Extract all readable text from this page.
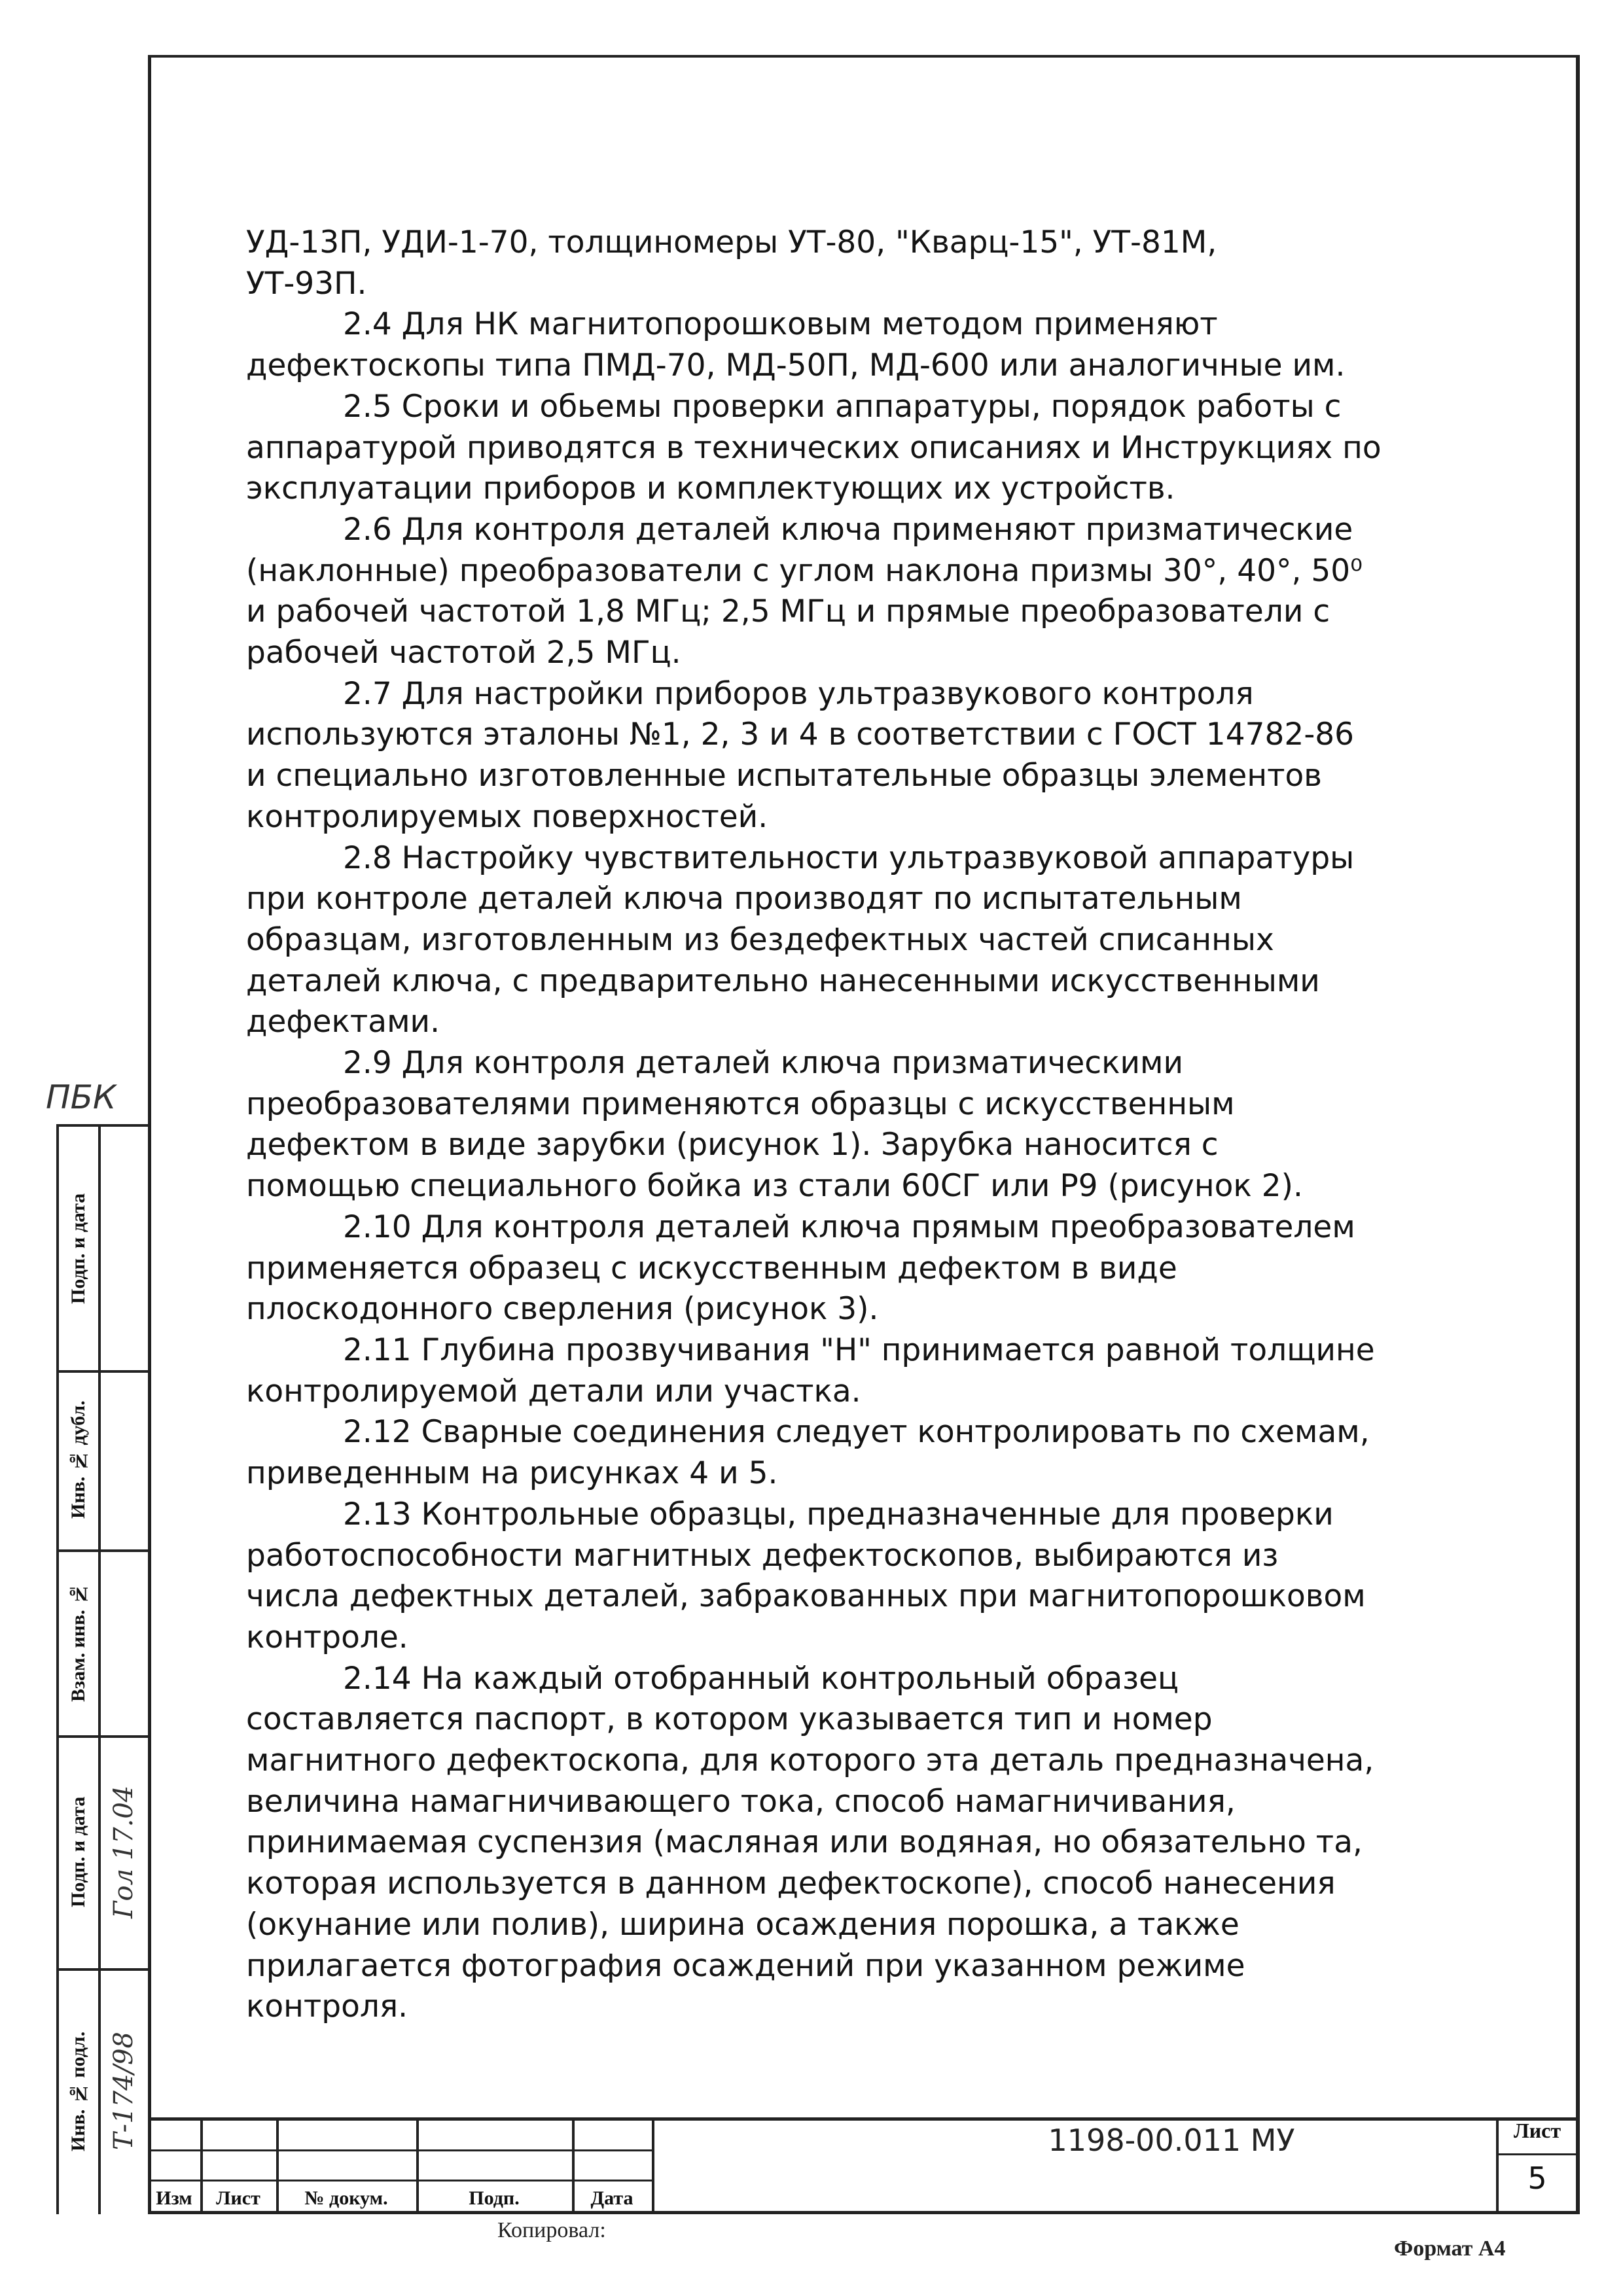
УД-13П, УДИ-1-70, толщиномеры УТ-80, "Кварц-15", УТ-81М,

УТ-93П.

2.4 Для НК магнитопорошковым методом применяют

дефектоскопы типа ПМД-70, МД-50П, МД-600 или аналогичные им.

2.5 Сроки и обьемы проверки аппаратуры, порядок работы с

аппаратурой приводятся в технических описаниях и Инструкциях по

эксплуатации приборов и комплектующих их устройств.

2.6 Для контроля деталей ключа применяют призматические

(наклонные) преобразователи с углом наклона призмы 30°, 40°, 50⁰

и рабочей частотой 1,8 МГц; 2,5 МГц и прямые преобразователи с

рабочей частотой 2,5 МГц.

2.7 Для настройки приборов ультразвукового контроля

используются эталоны №1, 2, 3 и 4 в соответствии с ГОСТ 14782-86

и специально изготовленные испытательные образцы элементов

контролируемых поверхностей.

2.8 Настройку чувствительности ультразвуковой аппаратуры

при контроле деталей ключа производят по испытательным

образцам, изготовленным из бездефектных частей списанных

деталей ключа, с предварительно нанесенными искусственными

дефектами.

2.9 Для контроля деталей ключа призматическими

преобразователями применяются образцы с искусственным

дефектом в виде зарубки (рисунок 1). Зарубка наносится с

помощью специального бойка из стали 60СГ или Р9 (рисунок 2).

2.10 Для контроля деталей ключа прямым преобразователем

применяется образец с искусственным дефектом в виде

плоскодонного сверления (рисунок 3).

2.11 Глубина прозвучивания "Н" принимается равной толщине

контролируемой детали или участка.

2.12 Сварные соединения следует контролировать по схемам,

приведенным на рисунках 4 и 5.

2.13 Контрольные образцы, предназначенные для проверки

работоспособности магнитных дефектоскопов, выбираются из

числа дефектных деталей, забракованных при магнитопорошковом

контроле.

2.14 На каждый отобранный контрольный образец

составляется паспорт, в котором указывается тип и номер

магнитного дефектоскопа, для которого эта деталь предназначена,

величина намагничивающего тока, способ намагничивания,

принимаемая суспензия (масляная или водяная, но обязательно та,

которая используется в данном дефектоскопе), способ нанесения

(окунание или полив), ширина осаждения порошка, а также

прилагается фотография осаждений при указанном режиме

контроля.

ПБК
Подп. и дата
Инв. № дубл.
Взам. инв. №
Подп. и дата
Инв. № подл.
Гол 17.04
Т-174/98
Изм	Лист	№ докум.	Подп.	Дата
1198-00.011 МУ	Лист
5
Копировал:
Формат А4
